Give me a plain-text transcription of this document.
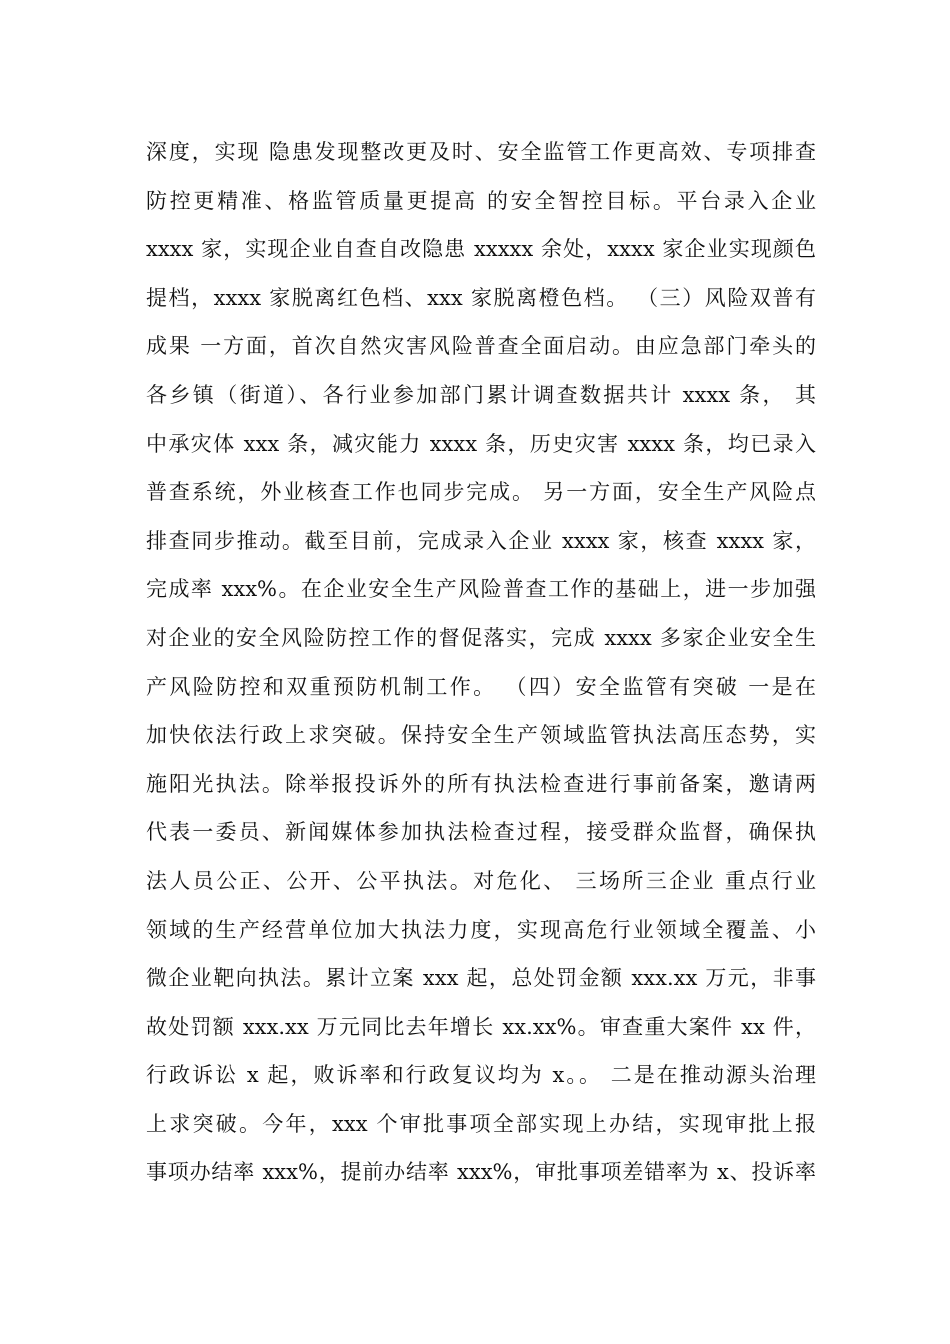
深度，实现 隐患发现整改更及时、安全监管工作更高效、专项排查
防控更精准、格监管质量更提高 的安全智控目标。平台录入企业
xxxx 家，实现企业自查自改隐患 xxxxx 余处，xxxx 家企业实现颜色
提档，xxxx 家脱离红色档、xxx 家脱离橙色档。 （三）风险双普有
成果 一方面，首次自然灾害风险普查全面启动。由应急部门牵头的
各乡镇（街道）、各行业参加部门累计调查数据共计 xxxx 条， 其
中承灾体 xxx 条，减灾能力 xxxx 条，历史灾害 xxxx 条，均已录入
普查系统，外业核查工作也同步完成。 另一方面，安全生产风险点
排查同步推动。截至目前，完成录入企业 xxxx 家，核查 xxxx 家，
完成率 xxx%。在企业安全生产风险普查工作的基础上，进一步加强
对企业的安全风险防控工作的督促落实，完成 xxxx 多家企业安全生
产风险防控和双重预防机制工作。 （四）安全监管有突破 一是在
加快依法行政上求突破。保持安全生产领域监管执法高压态势，实
施阳光执法。除举报投诉外的所有执法检查进行事前备案，邀请两
代表一委员、新闻媒体参加执法检查过程，接受群众监督，确保执
法人员公正、公开、公平执法。对危化、 三场所三企业 重点行业
领域的生产经营单位加大执法力度，实现高危行业领域全覆盖、小
微企业靶向执法。累计立案 xxx 起，总处罚金额 xxx.xx 万元，非事
故处罚额 xxx.xx 万元同比去年增长 xx.xx%。审查重大案件 xx 件，
行政诉讼 x 起，败诉率和行政复议均为 x。。 二是在推动源头治理
上求突破。今年，xxx 个审批事项全部实现上办结，实现审批上报
事项办结率 xxx%，提前办结率 xxx%，审批事项差错率为 x、投诉率
